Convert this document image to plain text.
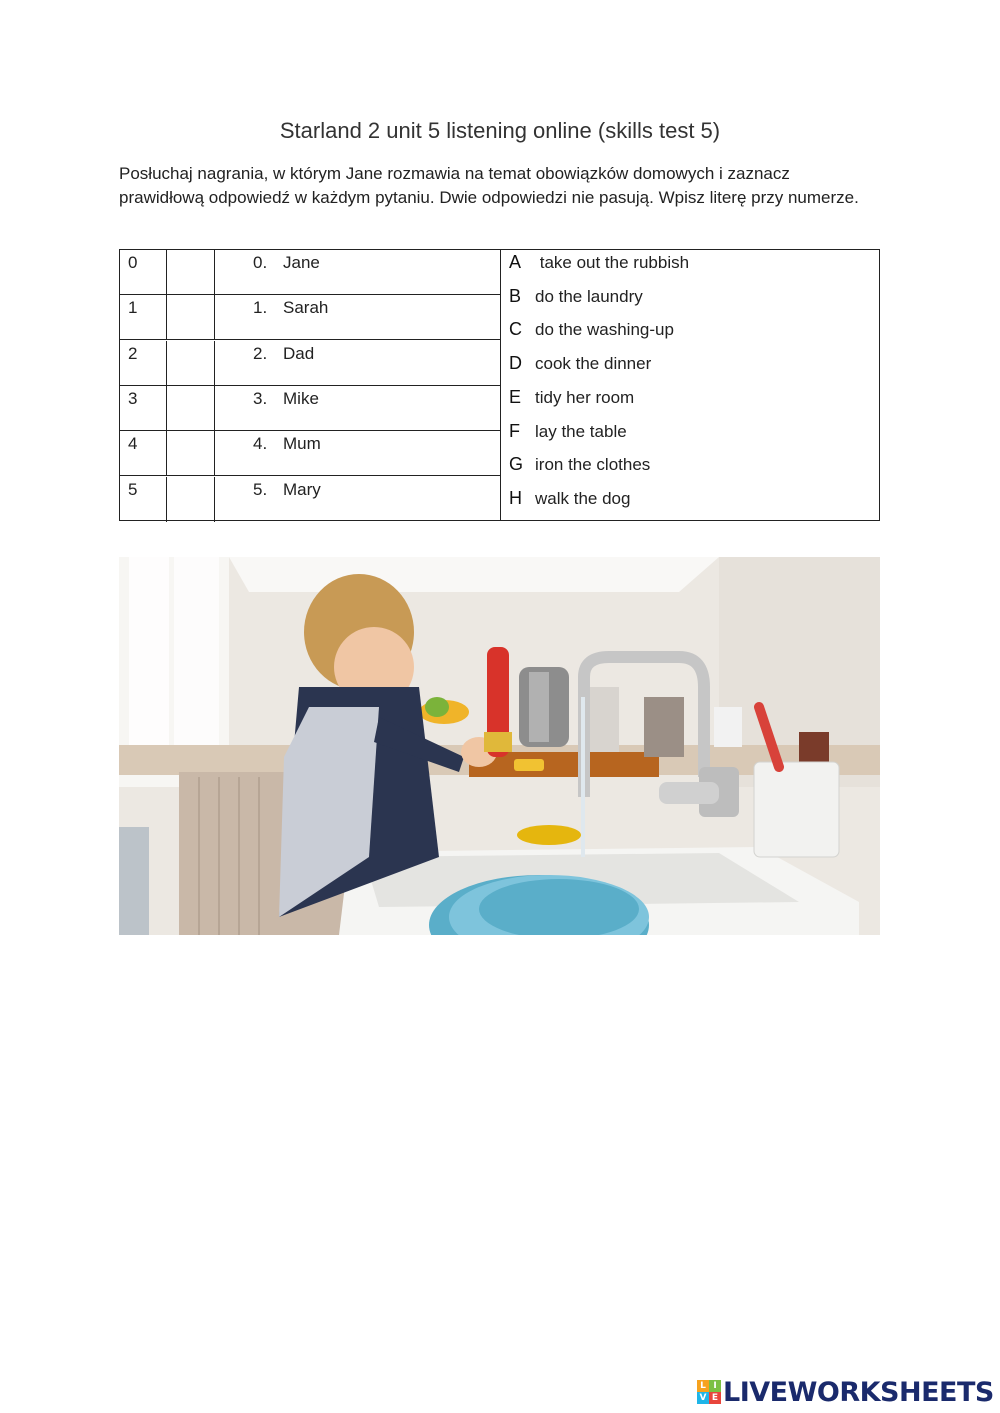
Starland 2 unit 5 listening online (skills test 5)
Posłuchaj nagrania, w którym Jane rozmawia na temat obowiązków domowych i zaznacz prawidłową odpowiedź w każdym pytaniu. Dwie odpowiedzi nie pasują. Wpisz literę przy numerze.
0	0. Jane
1	1. Sarah
2	2. Dad
3	3. Mike
4	4. Mum
5	5. Mary
A take out the rubbish
B do the laundry
C do the washing-up
D cook the dinner
E tidy her room
F lay the table
G iron the clothes
H walk the dog
L I
V E LIVEWORKSHEETS
